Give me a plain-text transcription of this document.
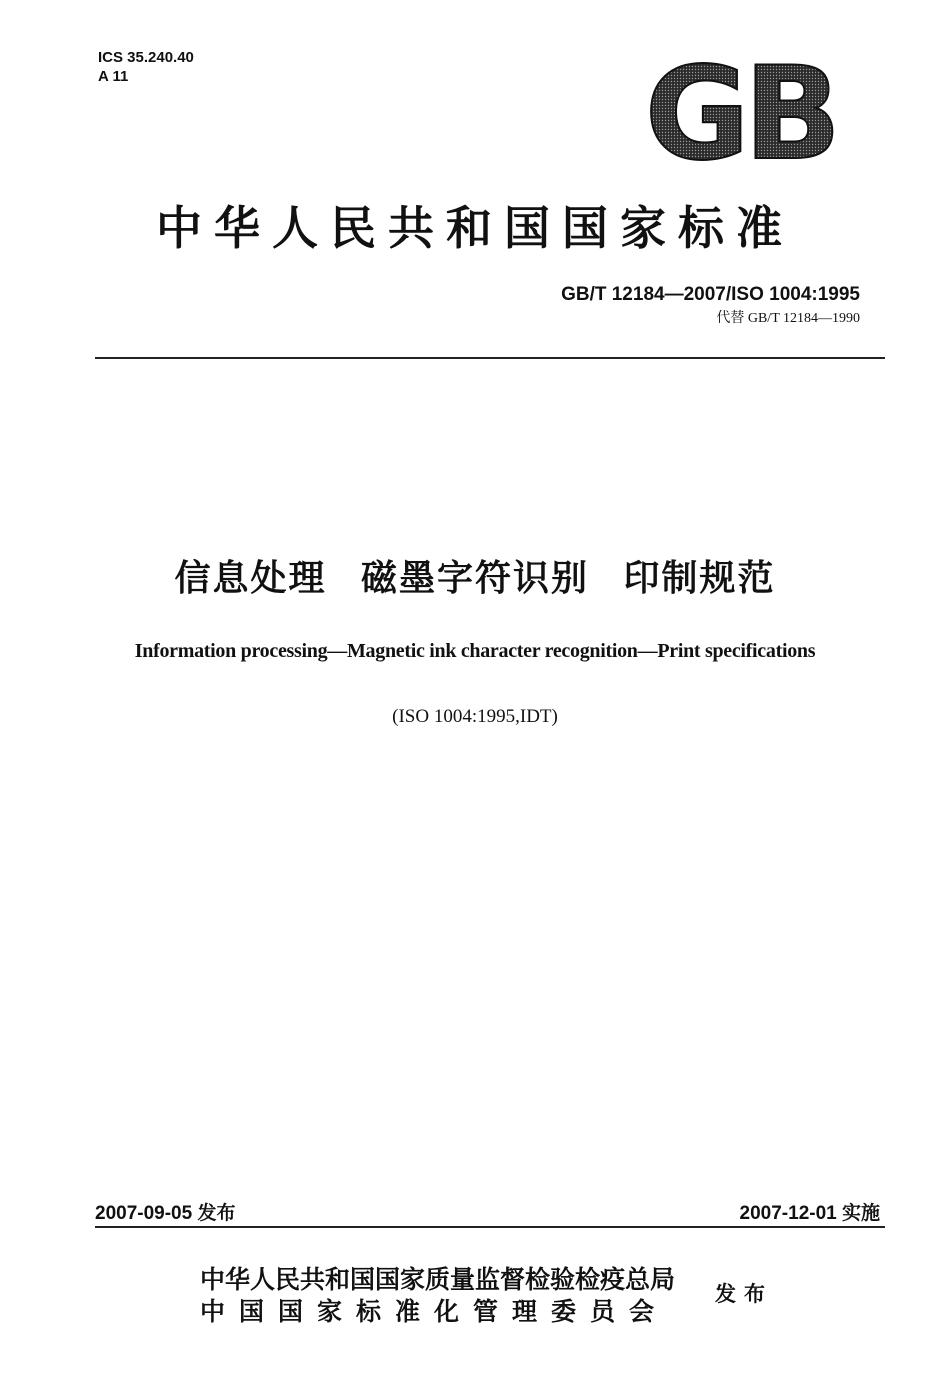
ICS 35.240.40
A 11	GB
中华人民共和国国家标准
GB/T 12184—2007/ISO 1004:1995
代替 GB/T 12184—1990
信息处理 磁墨字符识别 印制规范
Information processing—Magnetic ink character recognition—Print specifications
(ISO 1004:1995,IDT)
2007-09-05 发布	2007-12-01 实施
中华人民共和国国家质量监督检验检疫总局
中国国家标准化管理委员会
发布
